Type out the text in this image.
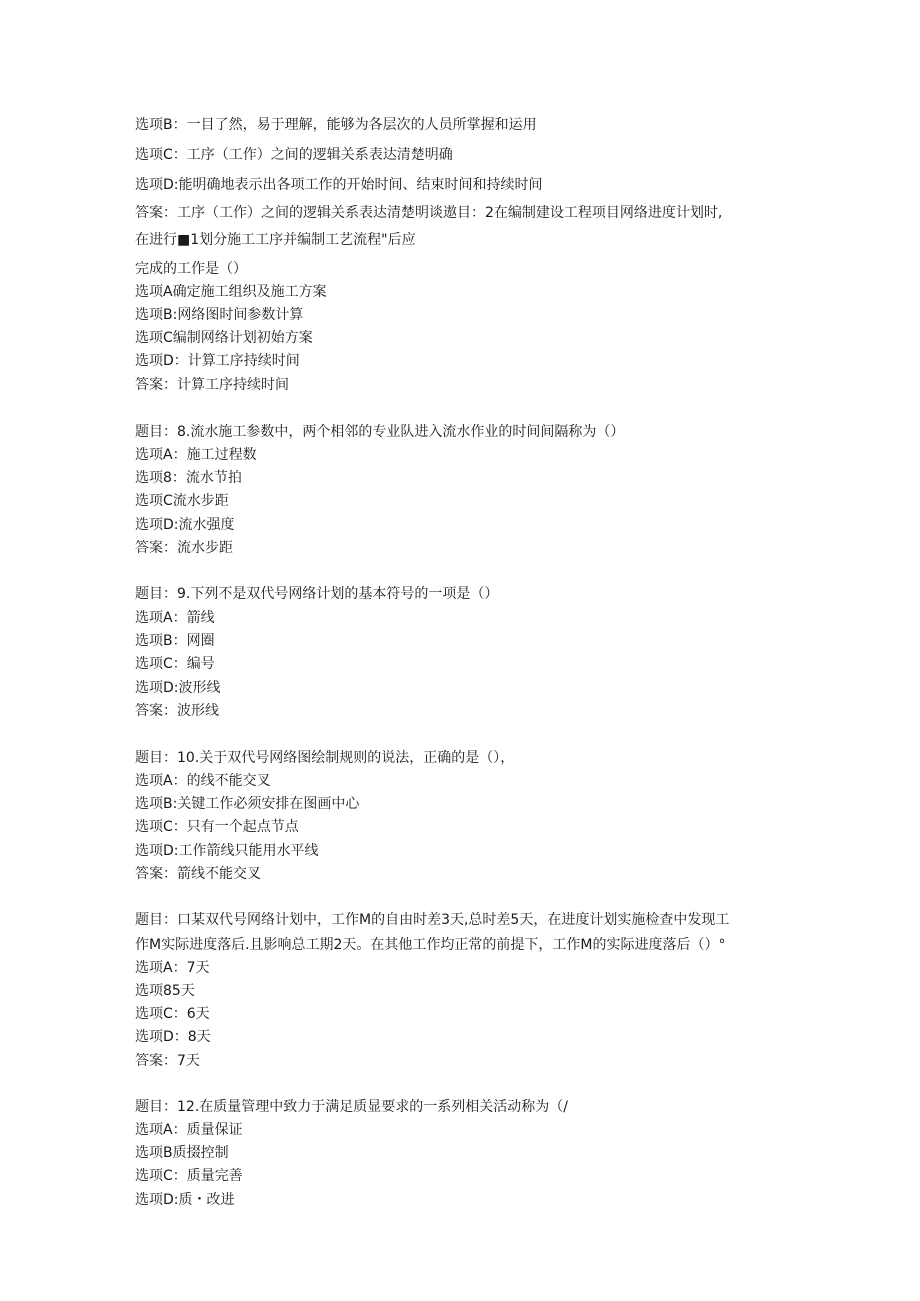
选项B：一目了然，易于理解，能够为各层次的人员所掌握和运用
选项C：工序（工作）之间的逻辑关系表达清楚明确
选项D:能明确地表示出各项工作的开始时间、结束时间和持续时间
答案：工序（工作）之间的逻辑关系表达清楚明谈遨目：2在编制建设工程项目网络进度计划时,
在进行■1划分施工工序并编制工艺流程"后应
完成的工作是（）
选项A确定施工组织及施工方案
选项B:网络图时间参数计算
选项C编制网络计划初始方案
选项D：计算工序持续时间
答案：计算工序持续时间
题目：8.流水施工参数中，两个相邻的专业队进入流水作业的时间间隔称为（）
选项A：施工过程数
选项8：流水节拍
选项C流水步距
选项D:流水强度
答案：流水步距
题目：9.下列不是双代号网络计划的基本符号的一项是（）
选项A：箭线
选项B：网圈
选项C：编号
选项D:波形线
答案：波形线
题目：10.关于双代号网络图绘制规则的说法，正确的是（），
选项A：的线不能交叉
选项B:关键工作必须安排在图画中心
选项C：只有一个起点节点
选项D:工作箭线只能用水平线
答案：箭线不能交叉
题目：口某双代号网络计划中，工作M的自由时差3天,总时差5天，在进度计划实施检查中发现工
作M实际进度落后.且影响总工期2天。在其他工作均正常的前提下，工作M的实际进度落后（）°
选项A：7天
选项85天
选项C：6天
选项D：8天
答案：7天
题目：12.在质量管理中致力于满足质显要求的一系列相关活动称为（/
选项A：质量保证
选项B质掇控制
选项C：质量完善
选项D:质・改进
